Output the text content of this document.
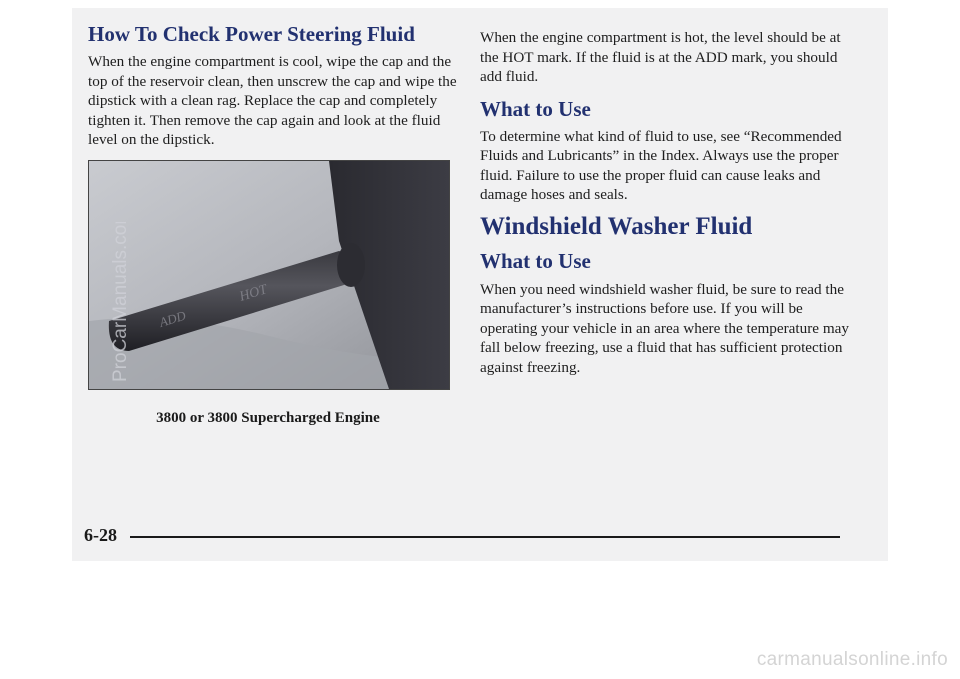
How To Check Power Steering Fluid

When the engine compartment is cool, wipe the cap and the top of the reservoir clean, then unscrew the cap and wipe the dipstick with a clean rag. Replace the cap and completely tighten it. Then remove the cap again and look at the fluid level on the dipstick.

ADD
HOT
3800 or 3800 Supercharged Engine

When the engine compartment is hot, the level should be at the HOT mark. If the fluid is at the ADD mark, you should add fluid.

What to Use

To determine what kind of fluid to use, see “Recommended Fluids and Lubricants” in the Index. Always use the proper fluid. Failure to use the proper fluid can cause leaks and damage hoses and seals.

Windshield Washer Fluid
What to Use

When you need windshield washer fluid, be sure to read the manufacturer’s instructions before use. If you will be operating your vehicle in an area where the temperature may fall below freezing, use a fluid that has sufficient protection against freezing.

6-28
ProCarManuals.com
carmanualsonline.info
